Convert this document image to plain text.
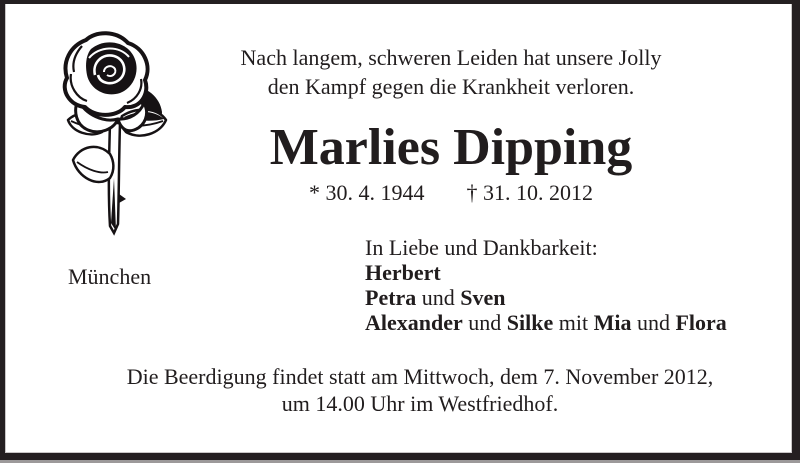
Nach langem, schweren Leiden hat unsere Jolly
den Kampf gegen die Krankheit verloren.
Marlies Dipping
* 30. 4. 1944 † 31. 10. 2012
München
In Liebe und Dankbarkeit:
Herbert
Petra und Sven
Alexander und Silke mit Mia und Flora
Die Beerdigung findet statt am Mittwoch, dem 7. November 2012,
um 14.00 Uhr im Westfriedhof.
